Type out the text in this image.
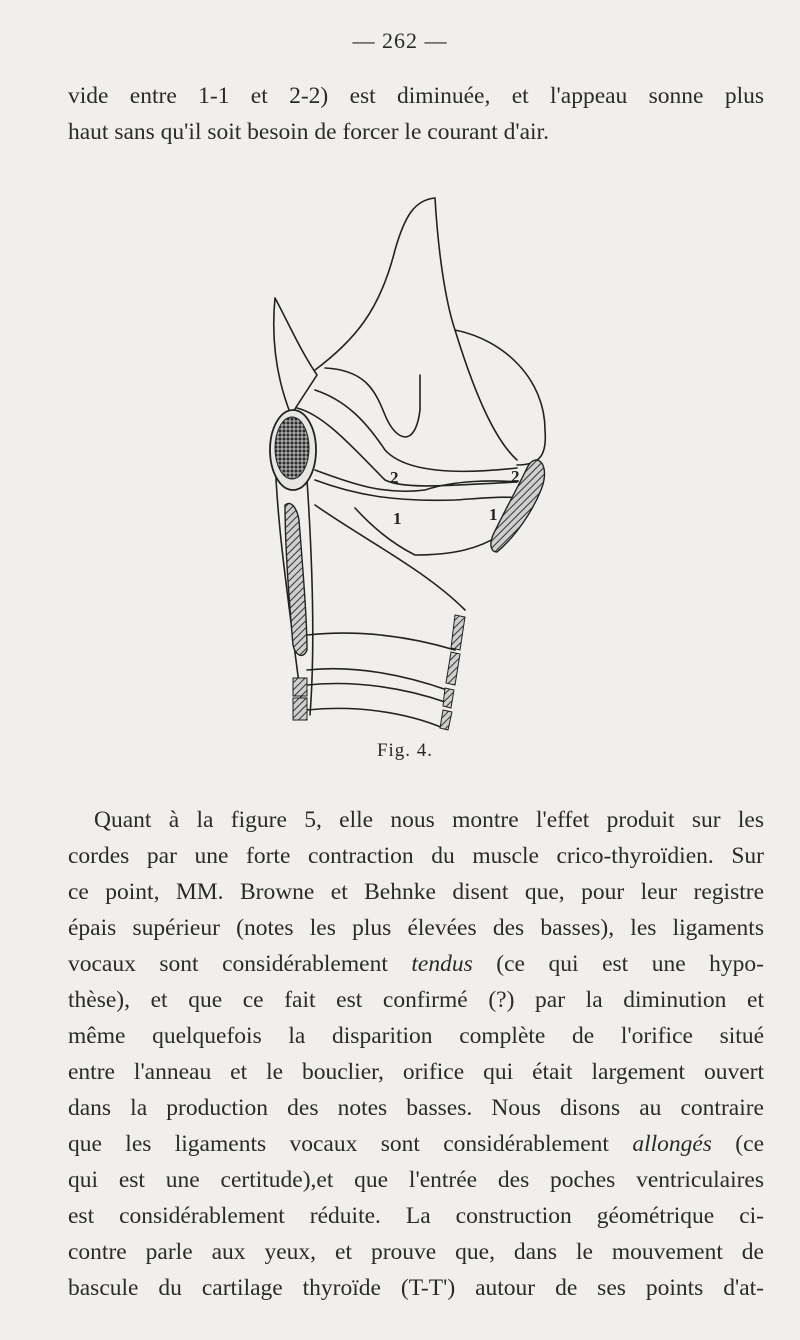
— 262 —
vide entre 1-1 et 2-2) est diminuée, et l'appeau sonne plus
haut sans qu'il soit besoin de forcer le courant d'air.
2	2
1	1
Fig. 4.
Quant à la figure 5, elle nous montre l'effet produit sur les
cordes par une forte contraction du muscle crico-thyroïdien. Sur
ce point, MM. Browne et Behnke disent que, pour leur registre
épais supérieur (notes les plus élevées des basses), les ligaments
vocaux sont considérablement tendus (ce qui est une hypo-
thèse), et que ce fait est confirmé (?) par la diminution et
même quelquefois la disparition complète de l'orifice situé
entre l'anneau et le bouclier, orifice qui était largement ouvert
dans la production des notes basses. Nous disons au contraire
que les ligaments vocaux sont considérablement allongés (ce
qui est une certitude),et que l'entrée des poches ventriculaires
est considérablement réduite. La construction géométrique ci-
contre parle aux yeux, et prouve que, dans le mouvement de
bascule du cartilage thyroïde (T-T') autour de ses points d'at-
